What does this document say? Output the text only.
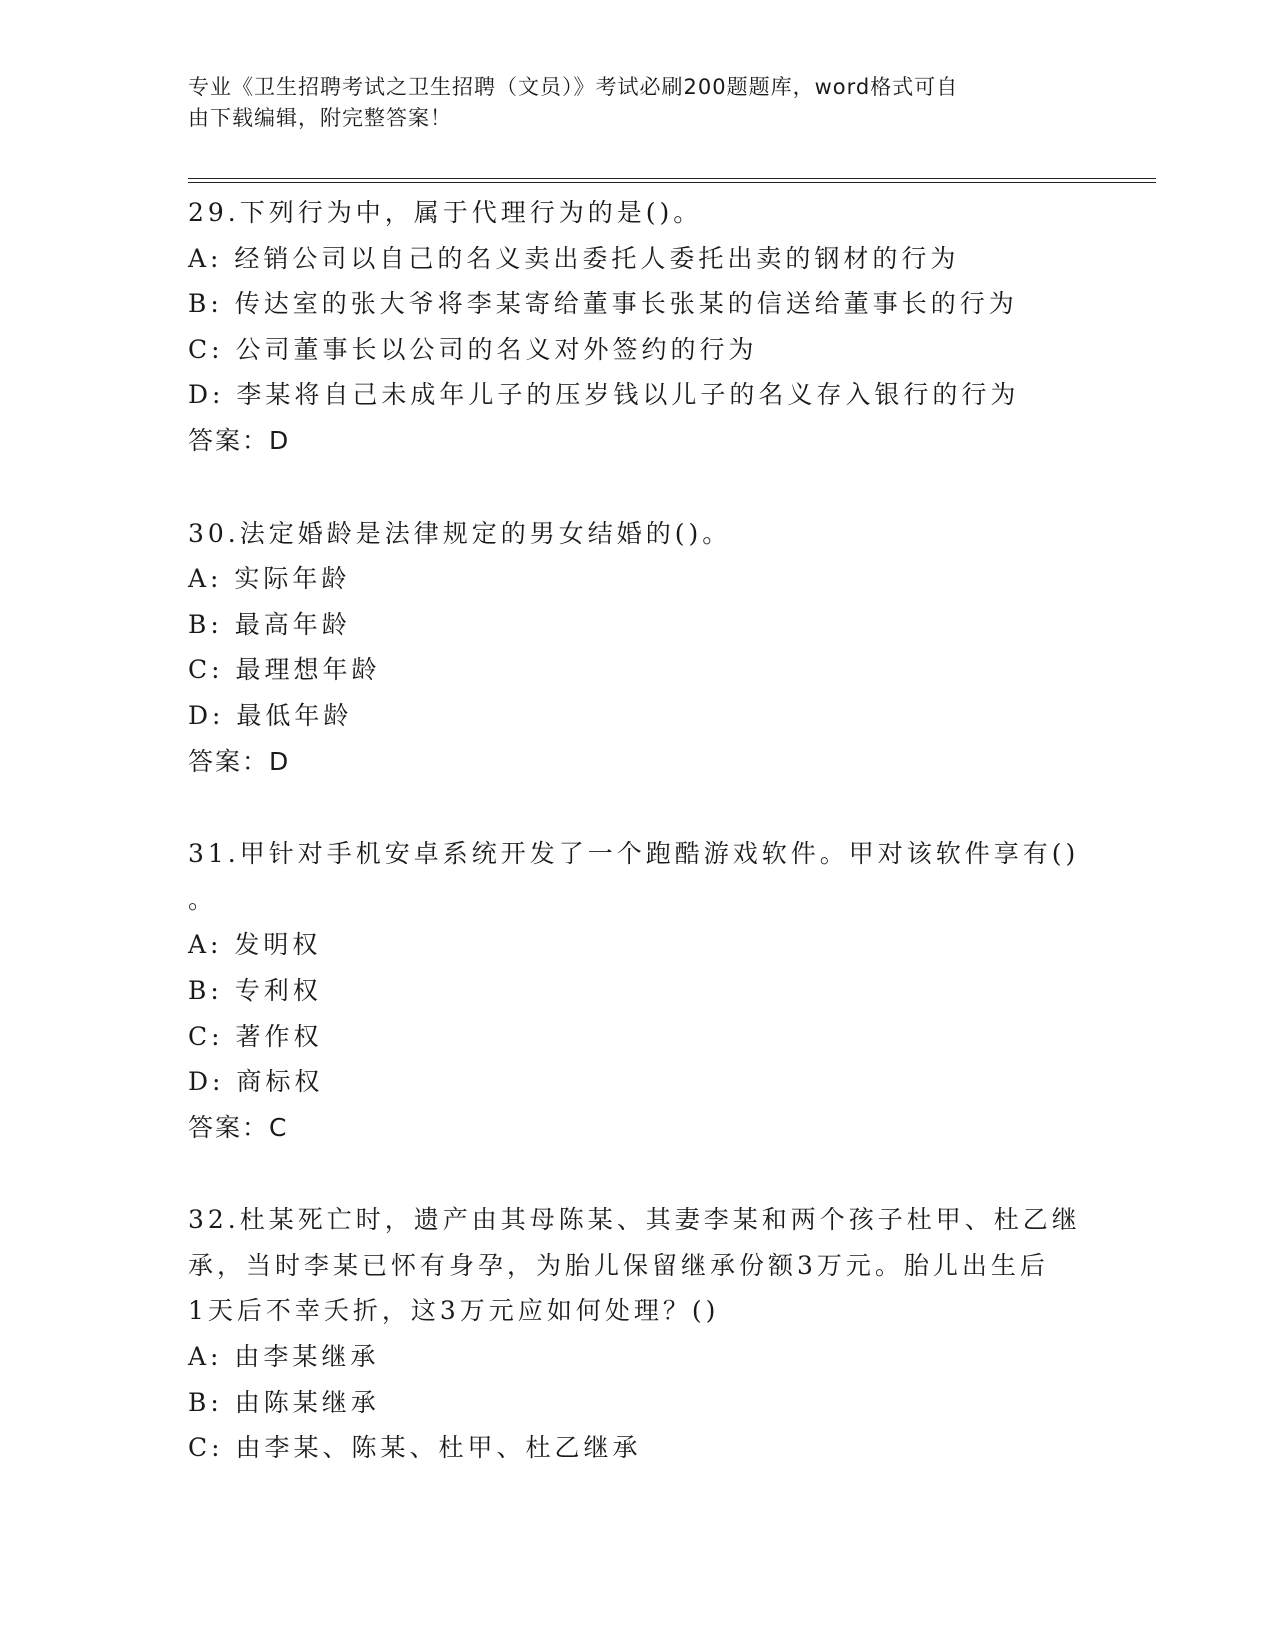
专业《卫生招聘考试之卫生招聘（文员）》考试必刷200题题库，word格式可自
由下载编辑，附完整答案！
29.下列行为中，属于代理行为的是()。
A: 经销公司以自己的名义卖出委托人委托出卖的钢材的行为
B: 传达室的张大爷将李某寄给董事长张某的信送给董事长的行为
C: 公司董事长以公司的名义对外签约的行为
D: 李某将自己未成年儿子的压岁钱以儿子的名义存入银行的行为
答案：D
30.法定婚龄是法律规定的男女结婚的()。
A: 实际年龄
B: 最高年龄
C: 最理想年龄
D: 最低年龄
答案：D
31.甲针对手机安卓系统开发了一个跑酷游戏软件。甲对该软件享有()
。
A: 发明权
B: 专利权
C: 著作权
D: 商标权
答案：C
32.杜某死亡时，遗产由其母陈某、其妻李某和两个孩子杜甲、杜乙继
承，当时李某已怀有身孕，为胎儿保留继承份额3万元。胎儿出生后
1天后不幸夭折，这3万元应如何处理？()
A: 由李某继承
B: 由陈某继承
C: 由李某、陈某、杜甲、杜乙继承
